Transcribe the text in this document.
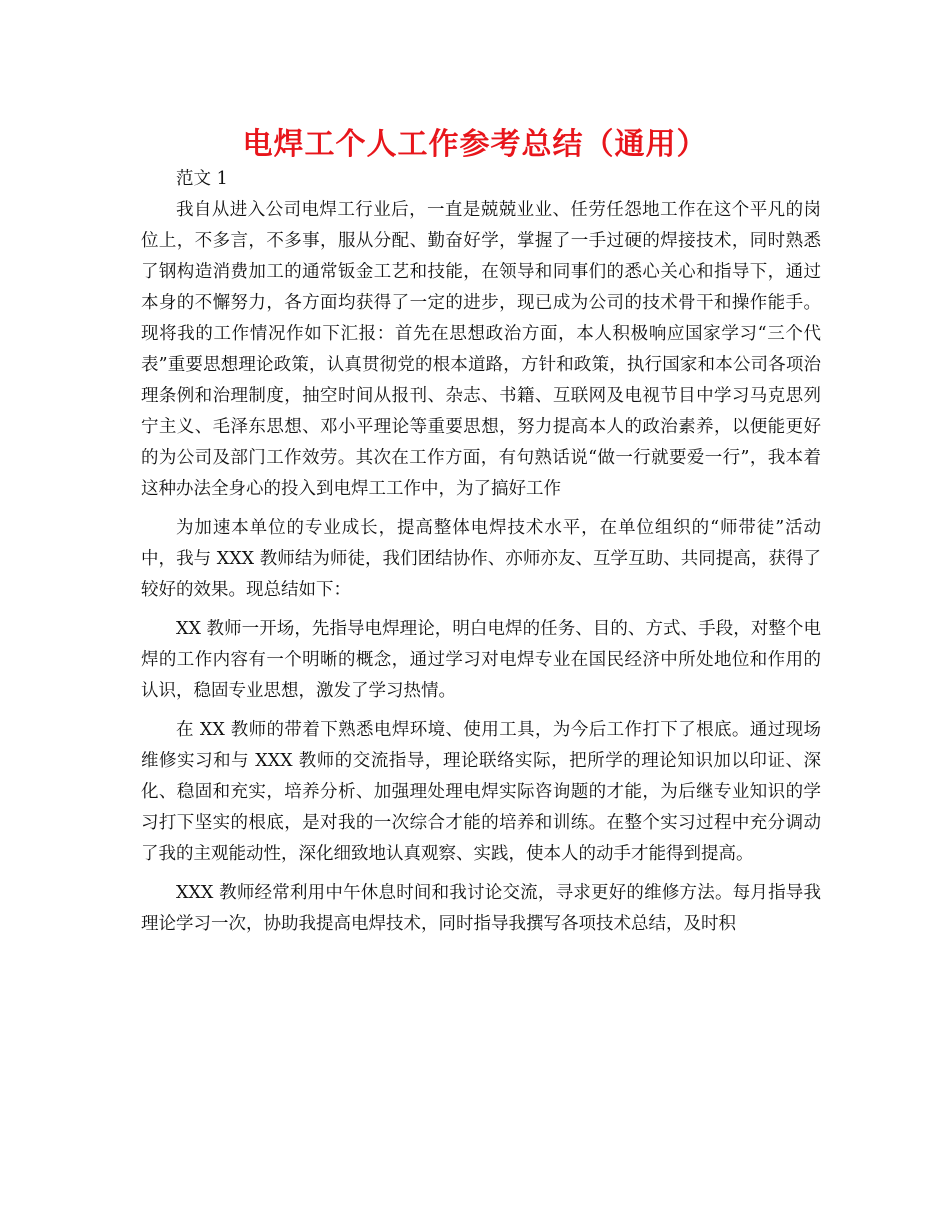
电焊工个人工作参考总结（通用）

范文 1

我自从进入公司电焊工行业后，一直是兢兢业业、任劳任怨地工作在这个平凡的岗位上，不多言，不多事，服从分配、勤奋好学，掌握了一手过硬的焊接技术，同时熟悉了钢构造消费加工的通常钣金工艺和技能，在领导和同事们的悉心关心和指导下，通过本身的不懈努力，各方面均获得了一定的进步，现已成为公司的技术骨干和操作能手。现将我的工作情况作如下汇报：首先在思想政治方面，本人积极响应国家学习“三个代表”重要思想理论政策，认真贯彻党的根本道路，方针和政策，执行国家和本公司各项治理条例和治理制度，抽空时间从报刊、杂志、书籍、互联网及电视节目中学习马克思列宁主义、毛泽东思想、邓小平理论等重要思想，努力提高本人的政治素养，以便能更好的为公司及部门工作效劳。其次在工作方面，有句熟话说“做一行就要爱一行”，我本着这种办法全身心的投入到电焊工工作中，为了搞好工作

为加速本单位的专业成长，提高整体电焊技术水平，在单位组织的“师带徒”活动中，我与 XXX 教师结为师徒，我们团结协作、亦师亦友、互学互助、共同提高，获得了较好的效果。现总结如下：

XX 教师一开场，先指导电焊理论，明白电焊的任务、目的、方式、手段，对整个电焊的工作内容有一个明晰的概念，通过学习对电焊专业在国民经济中所处地位和作用的认识，稳固专业思想，激发了学习热情。

在 XX 教师的带着下熟悉电焊环境、使用工具，为今后工作打下了根底。通过现场维修实习和与 XXX 教师的交流指导，理论联络实际，把所学的理论知识加以印证、深化、稳固和充实，培养分析、加强理处理电焊实际咨询题的才能，为后继专业知识的学习打下坚实的根底，是对我的一次综合才能的培养和训练。在整个实习过程中充分调动了我的主观能动性，深化细致地认真观察、实践，使本人的动手才能得到提高。

XXX 教师经常利用中午休息时间和我讨论交流，寻求更好的维修方法。每月指导我理论学习一次，协助我提高电焊技术，同时指导我撰写各项技术总结，及时积
